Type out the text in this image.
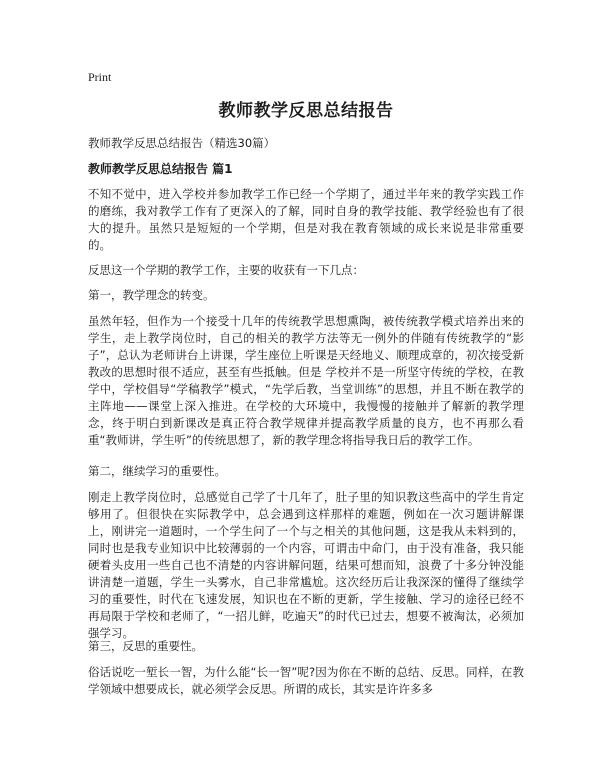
Print
教师教学反思总结报告
教师教学反思总结报告（精选30篇）
教师教学反思总结报告 篇1

不知不觉中，进入学校并参加教学工作已经一个学期了，通过半年来的教学实践工作的磨练，我对教学工作有了更深入的了解，同时自身的教学技能、教学经验也有了很大的提升。虽然只是短短的一个学期，但是对我在教育领域的成长来说是非常重要的。

反思这一个学期的教学工作，主要的收获有一下几点：

第一，教学理念的转变。

虽然年轻，但作为一个接受十几年的传统教学思想熏陶，被传统教学模式培养出来的学生，走上教学岗位时，自己的相关的教学方法等无一例外的伴随有传统教学的“影子”，总认为老师讲台上讲课，学生座位上听课是天经地义、顺理成章的，初次接受新教改的思想时很不适应，甚至有些抵触。但是 学校并不是一所坚守传统的学校，在教学中，学校倡导“学稿教学”模式，“先学后教，当堂训练”的思想，并且不断在教学的主阵地——课堂上深入推进。在学校的大环境中，我慢慢的接触并了解新的教学理念，终于明白到新课改是真正符合教学规律并提高教学质量的良方，也不再那么看重“教师讲，学生听”的传统思想了，新的教学理念将指导我日后的教学工作。

第二，继续学习的重要性。

刚走上教学岗位时，总感觉自己学了十几年了，肚子里的知识教这些高中的学生肯定够用了。但很快在实际教学中，总会遇到这样那样的难题，例如在一次习题讲解课上，刚讲完一道题时，一个学生问了一个与之相关的其他问题，这是我从未料到的，同时也是我专业知识中比较薄弱的一个内容，可谓击中命门，由于没有准备，我只能硬着头皮用一些自己也不清楚的内容讲解问题，结果可想而知，浪费了十多分钟没能讲清楚一道题，学生一头雾水，自己非常尴尬。这次经历后让我深深的懂得了继续学习的重要性，时代在飞速发展，知识也在不断的更新，学生接触、学习的途径已经不再局限于学校和老师了，“一招儿鲜，吃遍天”的时代已过去，想要不被淘汰，必须加强学习。

第三，反思的重要性。

俗话说吃一堑长一智，为什么能“长一智”呢?因为你在不断的总结、反思。同样，在教学领域中想要成长，就必须学会反思。所谓的成长，其实是许许多多
